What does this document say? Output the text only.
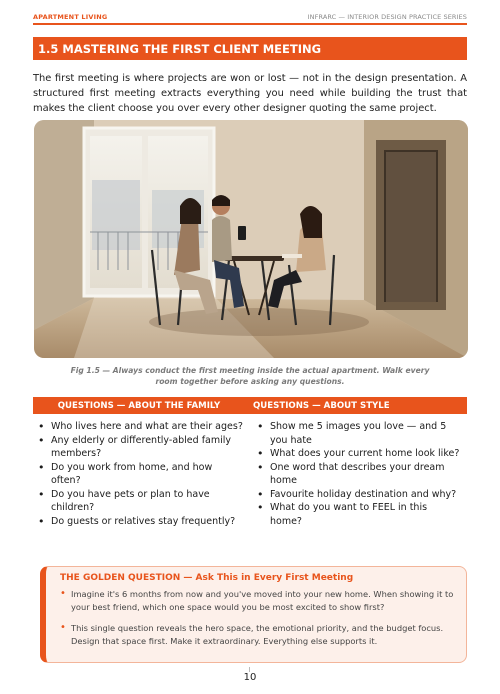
APARTMENT LIVING	INFRARC — INTERIOR DESIGN PRACTICE SERIES
1.5 MASTERING THE FIRST CLIENT MEETING

The first meeting is where projects are won or lost — not in the design presentation. A structured first meeting extracts everything you need while building the trust that makes the client choose you over every other designer quoting the same project.

Fig 1.5 — Always conduct the first meeting inside the actual apartment. Walk every room together before asking any questions.
QUESTIONS — ABOUT THE FAMILY	QUESTIONS — ABOUT STYLE
• Who lives here and what are their ages?
• Any elderly or differently-abled family members?
• Do you work from home, and how often?
• Do you have pets or plan to have children?
• Do guests or relatives stay frequently?
• Show me 5 images you love — and 5 you hate
• What does your current home look like?
• One word that describes your dream home
• Favourite holiday destination and why?
• What do you want to FEEL in this home?
THE GOLDEN QUESTION — Ask This in Every First Meeting
• Imagine it's 6 months from now and you've moved into your new home. When showing it to your best friend, which one space would you be most excited to show first?
• This single question reveals the hero space, the emotional priority, and the budget focus. Design that space first. Make it extraordinary. Everything else supports it.
10
